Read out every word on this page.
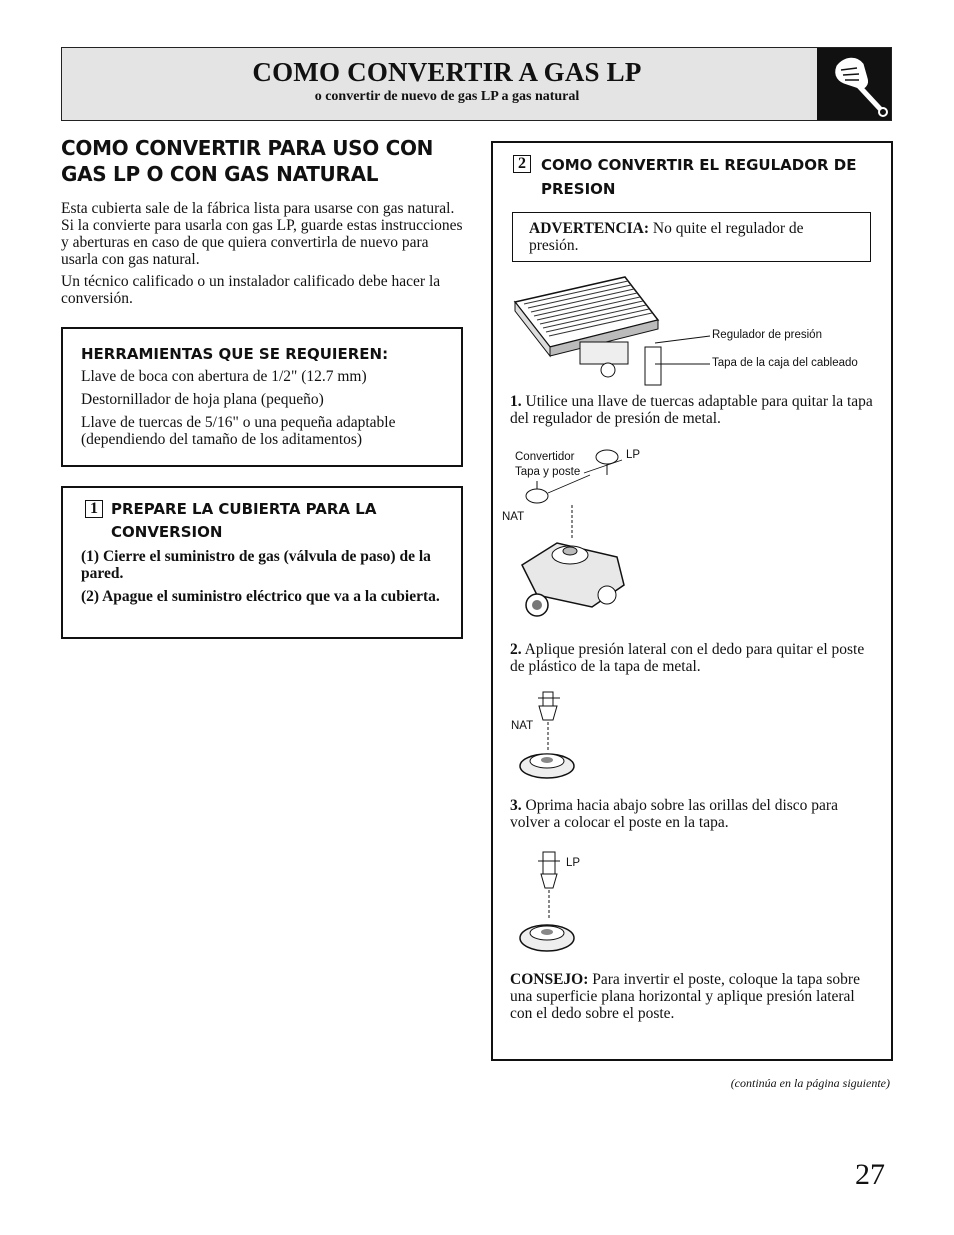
COMO CONVERTIR A GAS LP
o convertir de nuevo de gas LP a gas natural
COMO CONVERTIR PARA USO CON GAS LP O CON GAS NATURAL
Esta cubierta sale de la fábrica lista para usarse con gas natural. Si la convierte para usarla con gas LP, guarde estas instrucciones y aberturas en caso de que quiera convertirla de nuevo para usarla con gas natural.
Un técnico calificado o un instalador calificado debe hacer la conversión.
HERRAMIENTAS QUE SE REQUIEREN:
Llave de boca con abertura de 1/2" (12.7 mm)
Destornillador de hoja plana (pequeño)
Llave de tuercas de 5/16" o una pequeña adaptable (dependiendo del tamaño de los aditamentos)
1 PREPARE LA CUBIERTA PARA LA CONVERSION
(1) Cierre el suministro de gas (válvula de paso) de la pared.
(2) Apague el suministro eléctrico que va a la cubierta.
2	COMO CONVERTIR EL REGULADOR DE PRESION
ADVERTENCIA: No quite el regulador de presión.
Regulador de presión
Tapa de la caja del cableado
1. Utilice una llave de tuercas adaptable para quitar la tapa del regulador de presión de metal.
Convertidor
Tapa y poste
LP
NAT
2. Aplique presión lateral con el dedo para quitar el poste de plástico de la tapa de metal.
NAT
3. Oprima hacia abajo sobre las orillas del disco para volver a colocar el poste en la tapa.
LP
CONSEJO: Para invertir el poste, coloque la tapa sobre una superficie plana horizontal y aplique presión lateral con el dedo sobre el poste.
(continúa en la página siguiente)
27
